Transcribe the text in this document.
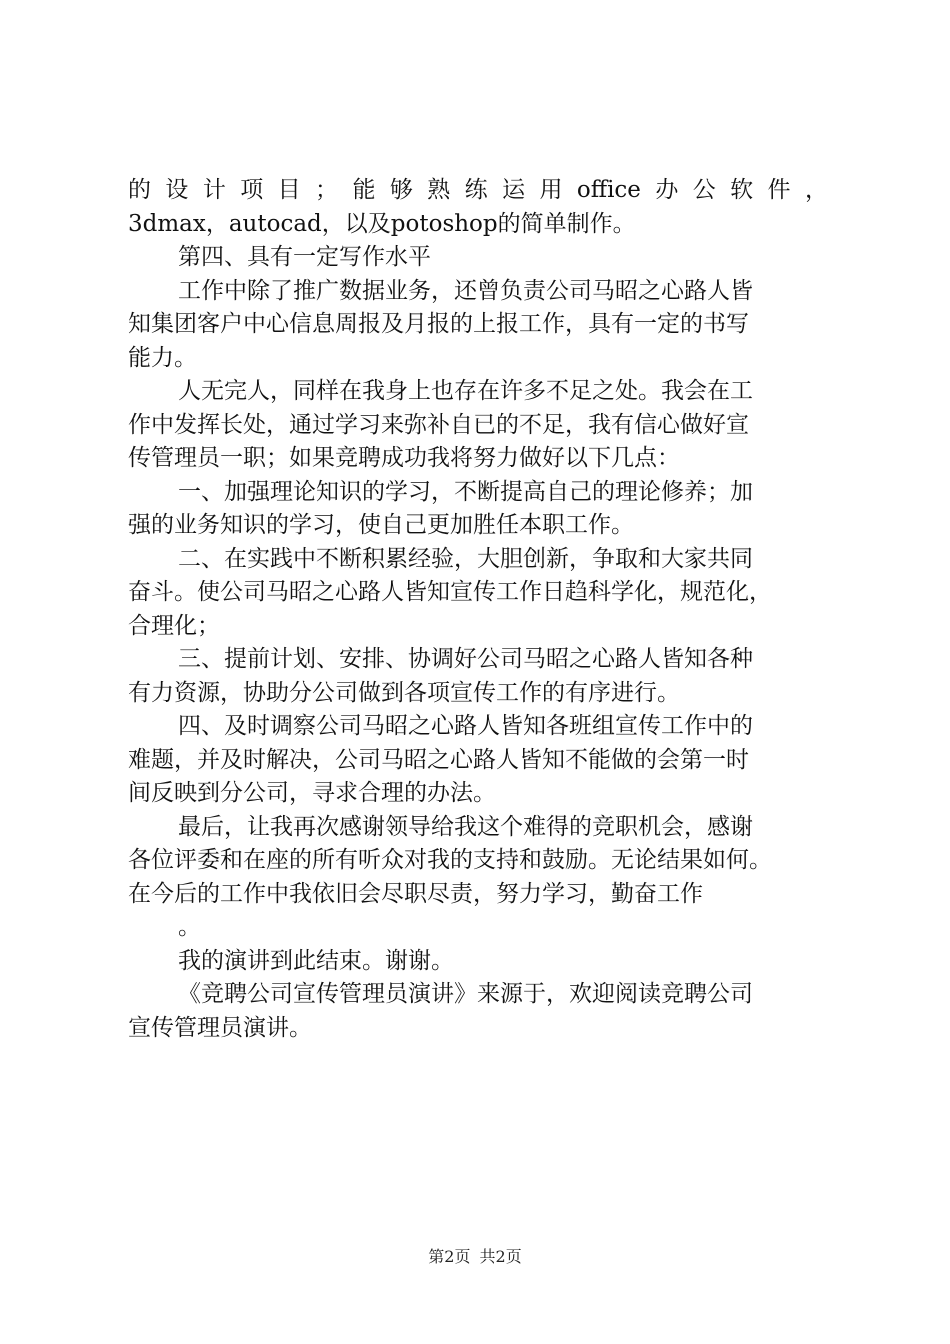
的 设 计 项 目 ； 能 够 熟 练 运 用 office 办 公 软 件 ，
3dmax，autocad，以及potoshop的简单制作。
第四、具有一定写作水平
工作中除了推广数据业务，还曾负责公司马昭之心路人皆
知集团客户中心信息周报及月报的上报工作，具有一定的书写
能力。
人无完人，同样在我身上也存在许多不足之处。我会在工
作中发挥长处，通过学习来弥补自已的不足，我有信心做好宣
传管理员一职；如果竞聘成功我将努力做好以下几点：
一、加强理论知识的学习，不断提高自己的理论修养；加
强的业务知识的学习，使自己更加胜任本职工作。
二、在实践中不断积累经验，大胆创新，争取和大家共同
奋斗。使公司马昭之心路人皆知宣传工作日趋科学化，规范化，
合理化；
三、提前计划、安排、协调好公司马昭之心路人皆知各种
有力资源，协助分公司做到各项宣传工作的有序进行。
四、及时调察公司马昭之心路人皆知各班组宣传工作中的
难题，并及时解决，公司马昭之心路人皆知不能做的会第一时
间反映到分公司，寻求合理的办法。
最后，让我再次感谢领导给我这个难得的竞职机会，感谢
各位评委和在座的所有听众对我的支持和鼓励。无论结果如何。
在今后的工作中我依旧会尽职尽责，努力学习，勤奋工作
。
我的演讲到此结束。谢谢。
《竞聘公司宣传管理员演讲》来源于，欢迎阅读竞聘公司
宣传管理员演讲。
第2页 共2页
